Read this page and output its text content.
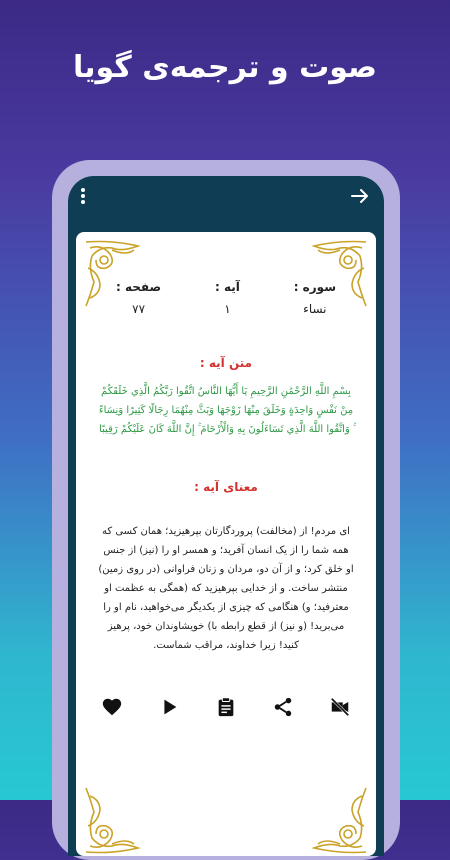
صوت و ترجمه‌ی گویا
سوره :
نساء
آیه :
۱
صفحه :
۷۷
متن آیه :
بِسْمِ اللَّهِ الرَّحْمَٰنِ الرَّحِيمِ يَا أَيُّهَا النَّاسُ اتَّقُوا رَبَّكُمُ الَّذِي خَلَقَكُمْ مِنْ نَفْسٍ وَاحِدَةٍ وَخَلَقَ مِنْهَا زَوْجَهَا وَبَثَّ مِنْهُمَا رِجَالًا كَثِيرًا وَنِسَاءً ۚ وَاتَّقُوا اللَّهَ الَّذِي تَسَاءَلُونَ بِهِ وَالْأَرْحَامَ ۚ إِنَّ اللَّهَ كَانَ عَلَيْكُمْ رَقِيبًا
معنای آیه :
ای مردم! از (مخالفت) پروردگارتان بپرهیزید؛ همان کسی که همه شما را از یک انسان آفرید؛ و همسر او را (نیز) از جنس او خلق کرد؛ و از آن دو، مردان و زنان فراوانی (در روی زمین) منتشر ساخت. و از خدایی بپرهیزید که (همگی به عظمت او معترفید؛ و) هنگامی که چیزی از یکدیگر می‌خواهید، نام او را می‌برید! (و نیز) از قطع رابطه با) خویشاوندان خود، پرهیز کنید! زیرا خداوند، مراقب شماست.
